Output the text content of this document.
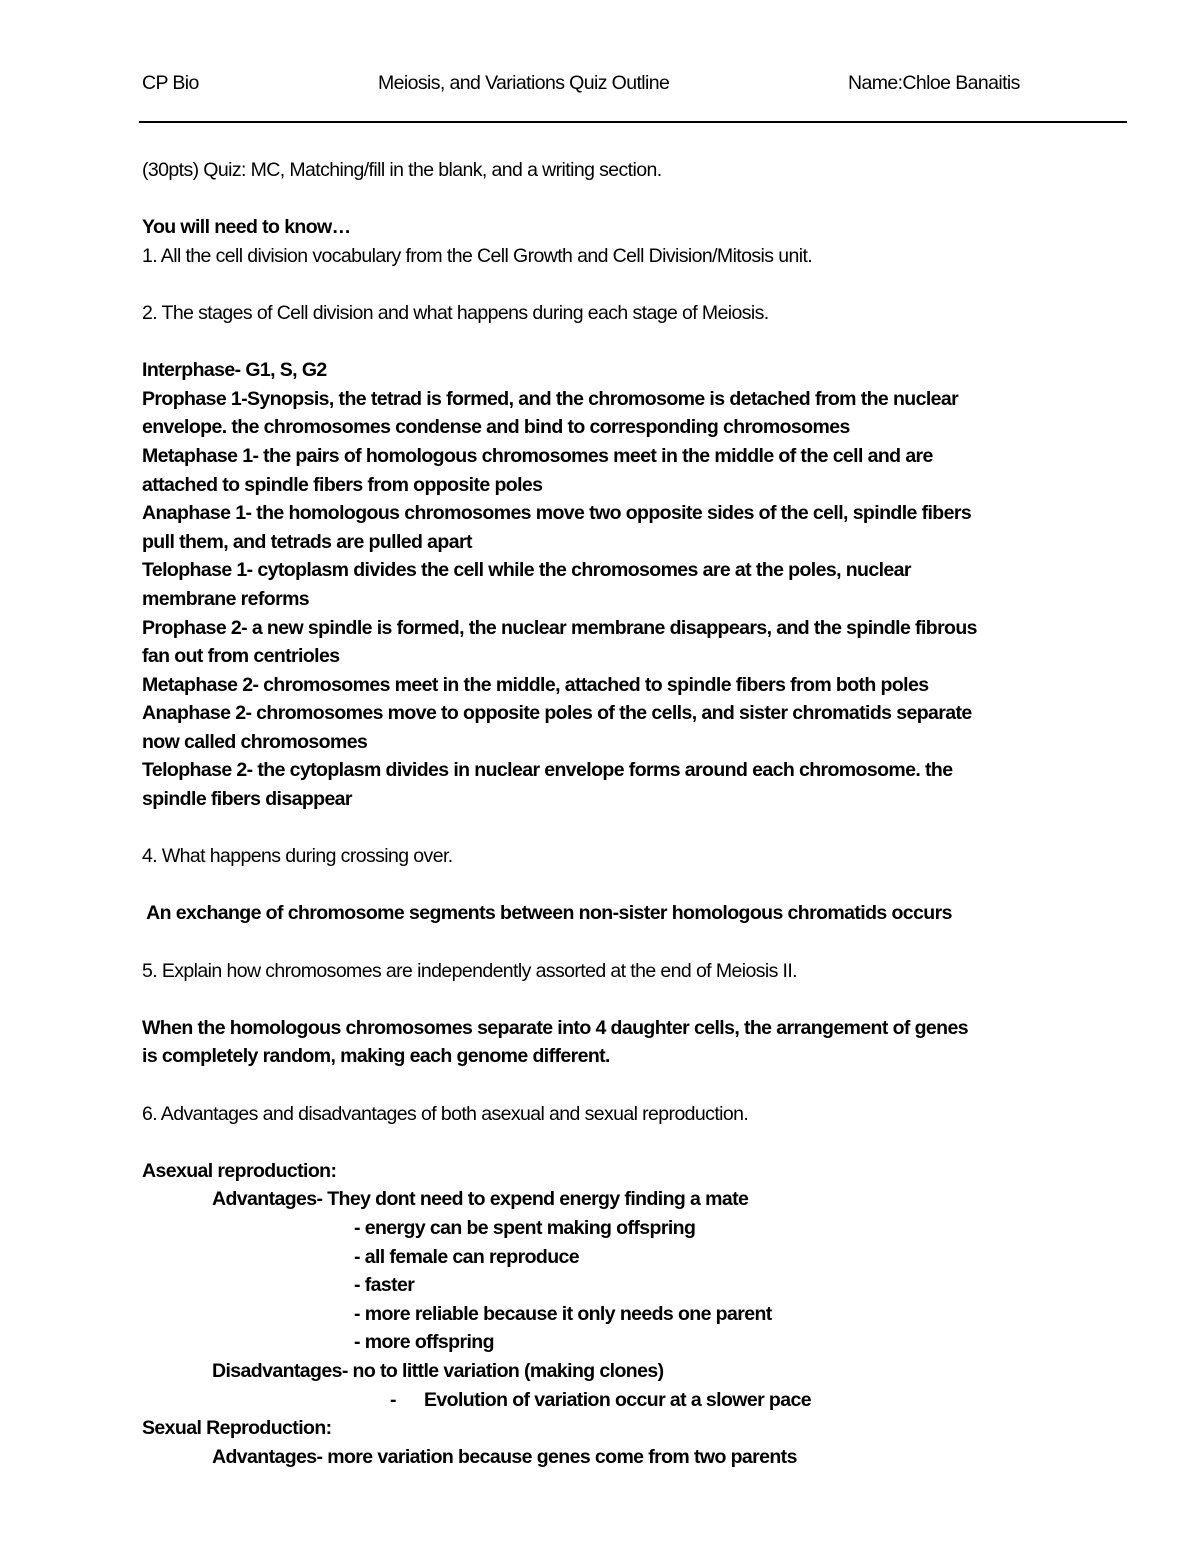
CP Bio	Meiosis, and Variations Quiz Outline	Name:Chloe Banaitis
(30pts) Quiz: MC, Matching/fill in the blank, and a writing section.
You will need to know…
1. All the cell division vocabulary from the Cell Growth and Cell Division/Mitosis unit.
2. The stages of Cell division and what happens during each stage of Meiosis.
Interphase- G1, S, G2
Prophase 1-Synopsis, the tetrad is formed, and the chromosome is detached from the nuclear
envelope. the chromosomes condense and bind to corresponding chromosomes
Metaphase 1- the pairs of homologous chromosomes meet in the middle of the cell and are
attached to spindle fibers from opposite poles
Anaphase 1- the homologous chromosomes move two opposite sides of the cell, spindle fibers
pull them, and tetrads are pulled apart
Telophase 1- cytoplasm divides the cell while the chromosomes are at the poles, nuclear
membrane reforms
Prophase 2- a new spindle is formed, the nuclear membrane disappears, and the spindle fibrous
fan out from centrioles
Metaphase 2- chromosomes meet in the middle, attached to spindle fibers from both poles
Anaphase 2- chromosomes move to opposite poles of the cells, and sister chromatids separate
now called chromosomes
Telophase 2- the cytoplasm divides in nuclear envelope forms around each chromosome. the
spindle fibers disappear
4. What happens during crossing over.
An exchange of chromosome segments between non-sister homologous chromatids occurs
5. Explain how chromosomes are independently assorted at the end of Meiosis II.
When the homologous chromosomes separate into 4 daughter cells, the arrangement of genes
is completely random, making each genome different.
6. Advantages and disadvantages of both asexual and sexual reproduction.
Asexual reproduction:
Advantages- They dont need to expend energy finding a mate
- energy can be spent making offspring
- all female can reproduce
- faster
- more reliable because it only needs one parent
- more offspring
Disadvantages- no to little variation (making clones)
- Evolution of variation occur at a slower pace
Sexual Reproduction:
Advantages- more variation because genes come from two parents
